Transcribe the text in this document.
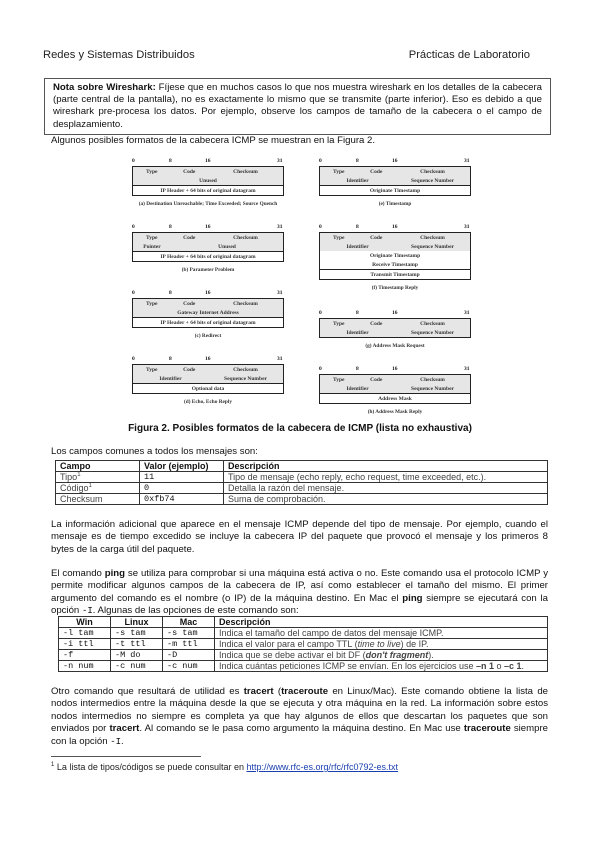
Redes y Sistemas Distribuidos	Prácticas de Laboratorio
Nota sobre Wireshark: Fíjese que en muchos casos lo que nos muestra wireshark en los detalles de la cabecera (parte central de la pantalla), no es exactamente lo mismo que se transmite (parte inferior). Eso es debido a que wireshark pre-procesa los datos. Por ejemplo, observe los campos de tamaño de la cabecera o el campo de desplazamiento.
Algunos posibles formatos de la cabecera ICMP se muestran en la Figura 2.
0	8	16	31
Type	Code	Checksum
Unused
IP Header + 64 bits of original datagram
(a) Destination Unreachable; Time Exceeded; Source Quench
0	8	16	31
Type	Code	Checksum
Identifier	Sequence Number
Originate Timestamp
(e) Timestamp
0	8	16	31
Type	Code	Checksum
Pointer	Unused
IP Header + 64 bits of original datagram
(b) Parameter Problem
0	8	16	31
Type	Code	Checksum
Identifier	Sequence Number
Originate Timestamp
Receive Timestamp
Transmit Timestamp
(f) Timestamp Reply
0	8	16	31
Type	Code	Checksum
Gateway Internet Address
IP Header + 64 bits of original datagram
(c) Redirect
0	8	16	31
Type	Code	Checksum
Identifier	Sequence Number
(g) Address Mask Request
0	8	16	31
Type	Code	Checksum
Identifier	Sequence Number
Optional data
(d) Echo, Echo Reply
0	8	16	31
Type	Code	Checksum
Identifier	Sequence Number
Address Mask
(h) Address Mask Reply
Figura 2. Posibles formatos de la cabecera de ICMP (lista no exhaustiva)
Los campos comunes a todos los mensajes son:
Campo	Valor (ejemplo)	Descripción
Tipo$^1$	11	Tipo de mensaje (echo reply, echo request, time exceeded, etc.).
Código$^1$	0	Detalla la razón del mensaje.
Checksum	0xfb74	Suma de comprobación.
La información adicional que aparece en el mensaje ICMP depende del tipo de mensaje. Por ejemplo, cuando el mensaje es de tiempo excedido se incluye la cabecera IP del paquete que provocó el mensaje y los primeros 8 bytes de la carga útil del paquete.
El comando ping se utiliza para comprobar si una máquina está activa o no. Este comando usa el protocolo ICMP y permite modificar algunos campos de la cabecera de IP, así como establecer el tamaño del mismo. El primer argumento del comando es el nombre (o IP) de la máquina destino. En Mac el ping siempre se ejecutará con la opción -I. Algunas de las opciones de este comando son:
Win	Linux	Mac	Descripción
-l tam	-s tam	-s tam	Indica el tamaño del campo de datos del mensaje ICMP.
-i ttl	-t ttl	-m ttl	Indica el valor para el campo TTL (time to live) de IP.
-f	-M do	-D	Indica que se debe activar el bit DF (don't fragment).
-n num	-c num	-c num	Indica cuántas peticiones ICMP se envían. En los ejercicios use –n 1 o –c 1.
Otro comando que resultará de utilidad es tracert (traceroute en Linux/Mac). Este comando obtiene la lista de nodos intermedios entre la máquina desde la que se ejecuta y otra máquina en la red. La información sobre estos nodos intermedios no siempre es completa ya que hay algunos de ellos que descartan los paquetes que son enviados por tracert. Al comando se le pasa como argumento la máquina destino. En Mac use traceroute siempre con la opción -I.
$^1$ La lista de tipos/códigos se puede consultar en http://www.rfc-es.org/rfc/rfc0792-es.txt
